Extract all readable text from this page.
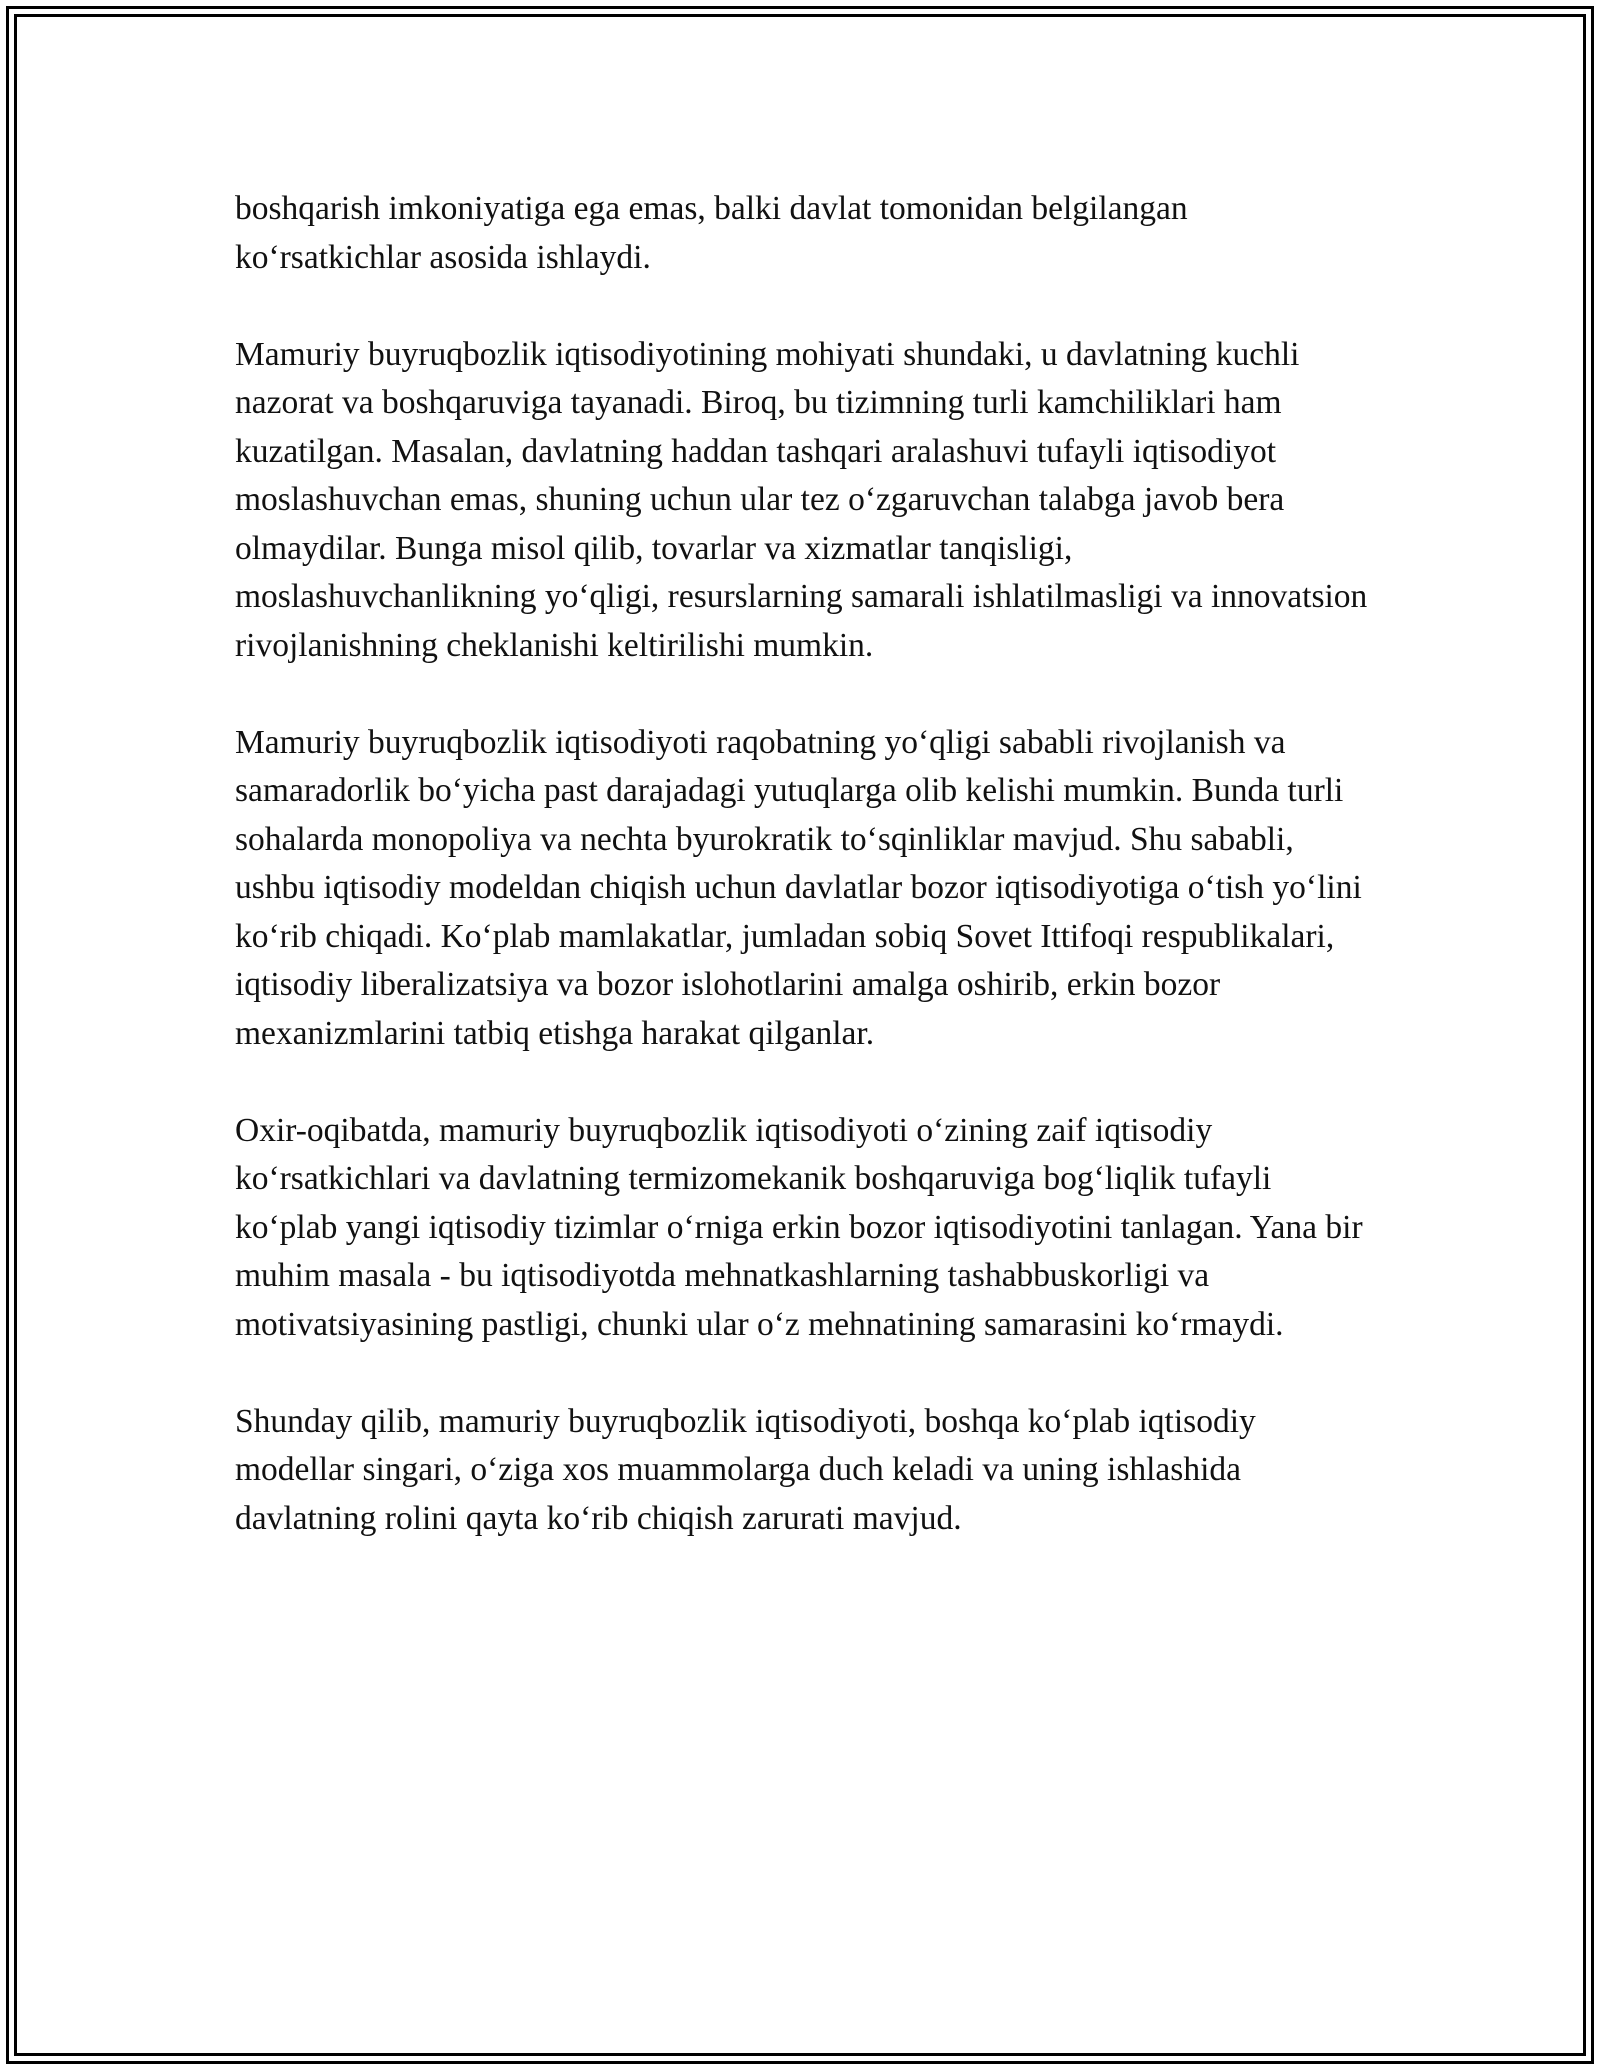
boshqarish imkoniyatiga ega emas, balki davlat tomonidan belgilangan ko‘rsatkichlar asosida ishlaydi.

Mamuriy buyruqbozlik iqtisodiyotining mohiyati shundaki, u davlatning kuchli nazorat va boshqaruviga tayanadi. Biroq, bu tizimning turli kamchiliklari ham kuzatilgan. Masalan, davlatning haddan tashqari aralashuvi tufayli iqtisodiyot moslashuvchan emas, shuning uchun ular tez o‘zgaruvchan talabga javob bera olmaydilar. Bunga misol qilib, tovarlar va xizmatlar tanqisligi, moslashuvchanlikning yo‘qligi, resurslarning samarali ishlatilmasligi va innovatsion rivojlanishning cheklanishi keltirilishi mumkin.

Mamuriy buyruqbozlik iqtisodiyoti raqobatning yo‘qligi sababli rivojlanish va samaradorlik bo‘yicha past darajadagi yutuqlarga olib kelishi mumkin. Bunda turli sohalarda monopoliya va nechta byurokratik to‘sqinliklar mavjud. Shu sababli, ushbu iqtisodiy modeldan chiqish uchun davlatlar bozor iqtisodiyotiga o‘tish yo‘lini ko‘rib chiqadi. Ko‘plab mamlakatlar, jumladan sobiq Sovet Ittifoqi respublikalari, iqtisodiy liberalizatsiya va bozor islohotlarini amalga oshirib, erkin bozor mexanizmlarini tatbiq etishga harakat qilganlar.

Oxir-oqibatda, mamuriy buyruqbozlik iqtisodiyoti o‘zining zaif iqtisodiy ko‘rsatkichlari va davlatning termizomekanik boshqaruviga bog‘liqlik tufayli ko‘plab yangi iqtisodiy tizimlar o‘rniga erkin bozor iqtisodiyotini tanlagan. Yana bir muhim masala - bu iqtisodiyotda mehnatkashlarning tashabbuskorligi va motivatsiyasining pastligi, chunki ular o‘z mehnatining samarasini ko‘rmaydi.

Shunday qilib, mamuriy buyruqbozlik iqtisodiyoti, boshqa ko‘plab iqtisodiy modellar singari, o‘ziga xos muammolarga duch keladi va uning ishlashida davlatning rolini qayta ko‘rib chiqish zarurati mavjud.
